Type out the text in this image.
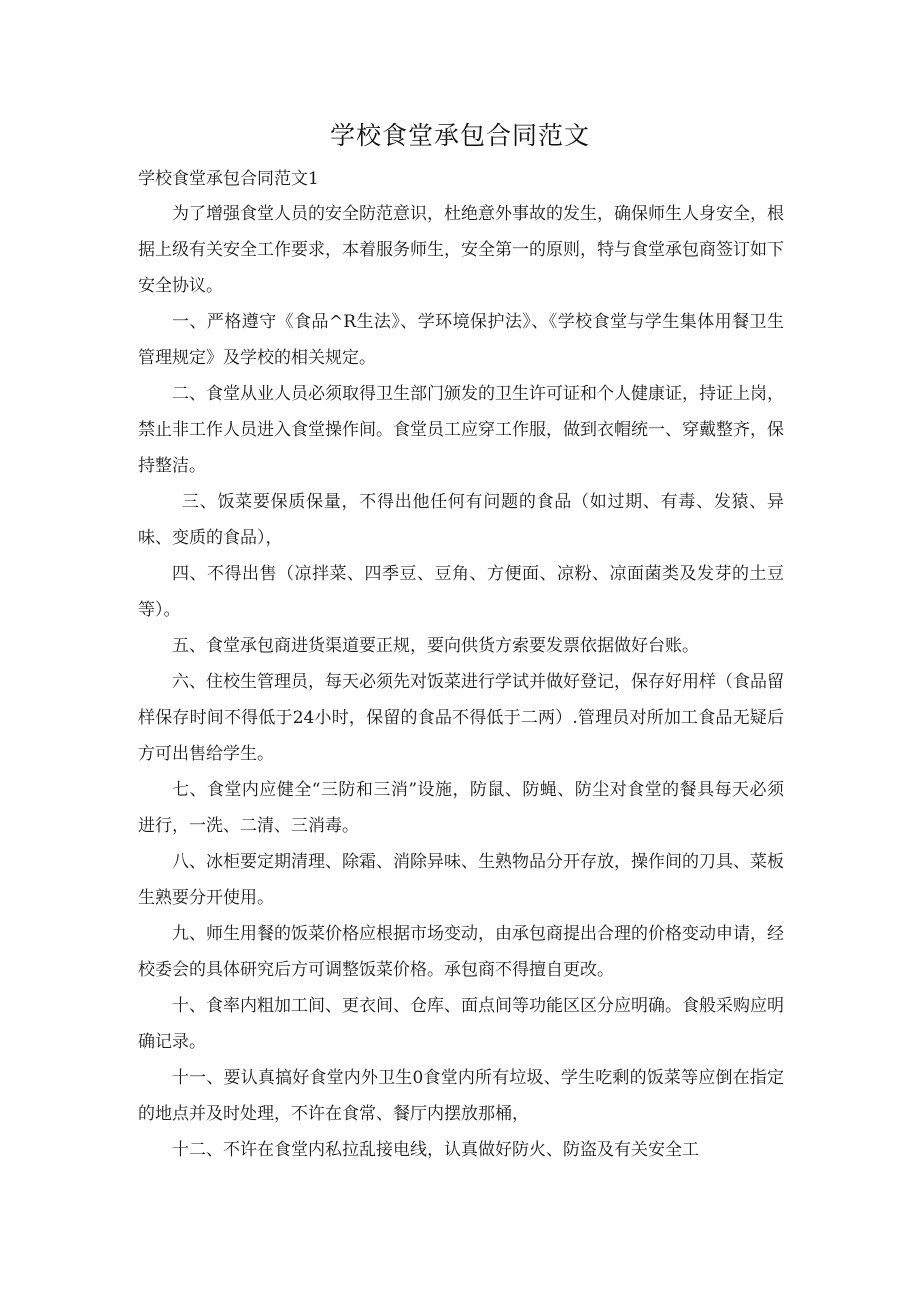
学校食堂承包合同范文

学校食堂承包合同范文1

为了增强食堂人员的安全防范意识，杜绝意外事故的发生，确保师生人身安全，根据上级有关安全工作要求，本着服务师生，安全第一的原则，特与食堂承包商签订如下安全协议。

一、严格遵守《食品^R生法》、学环境保护法》、《学校食堂与学生集体用餐卫生管理规定》及学校的相关规定。

二、食堂从业人员必须取得卫生部门颁发的卫生许可证和个人健康证，持证上岗，禁止非工作人员进入食堂操作间。食堂员工应穿工作服，做到衣帽统一、穿戴整齐，保持整洁。

三、饭菜要保质保量，不得出他任何有问题的食品（如过期、有毒、发猿、异味、变质的食品），

四、不得出售（凉拌菜、四季豆、豆角、方便面、凉粉、凉面菌类及发芽的土豆等）。

五、食堂承包商进货渠道要正规，要向供货方索要发票依据做好台账。

六、住校生管理员，每天必须先对饭菜进行学试并做好登记，保存好用样（食品留样保存时间不得低于24小时，保留的食品不得低于二两）.管理员对所加工食品无疑后方可出售给学生。

七、食堂内应健全“三防和三消”设施，防鼠、防蝇、防尘对食堂的餐具每天必须进行，一洗、二清、三消毒。

八、冰柜要定期清理、除霜、消除异味、生熟物品分开存放，操作间的刀具、菜板生熟要分开使用。

九、师生用餐的饭菜价格应根据市场变动，由承包商提出合理的价格变动申请，经校委会的具体研究后方可调整饭菜价格。承包商不得擅自更改。

十、食率内粗加工间、更衣间、仓库、面点间等功能区区分应明确。食般采购应明确记录。

十一、要认真搞好食堂内外卫生0食堂内所有垃圾、学生吃剩的饭菜等应倒在指定的地点并及时处理，不许在食常、餐厅内摆放那桶，

十二、不许在食堂内私拉乱接电线，认真做好防火、防盗及有关安全工
